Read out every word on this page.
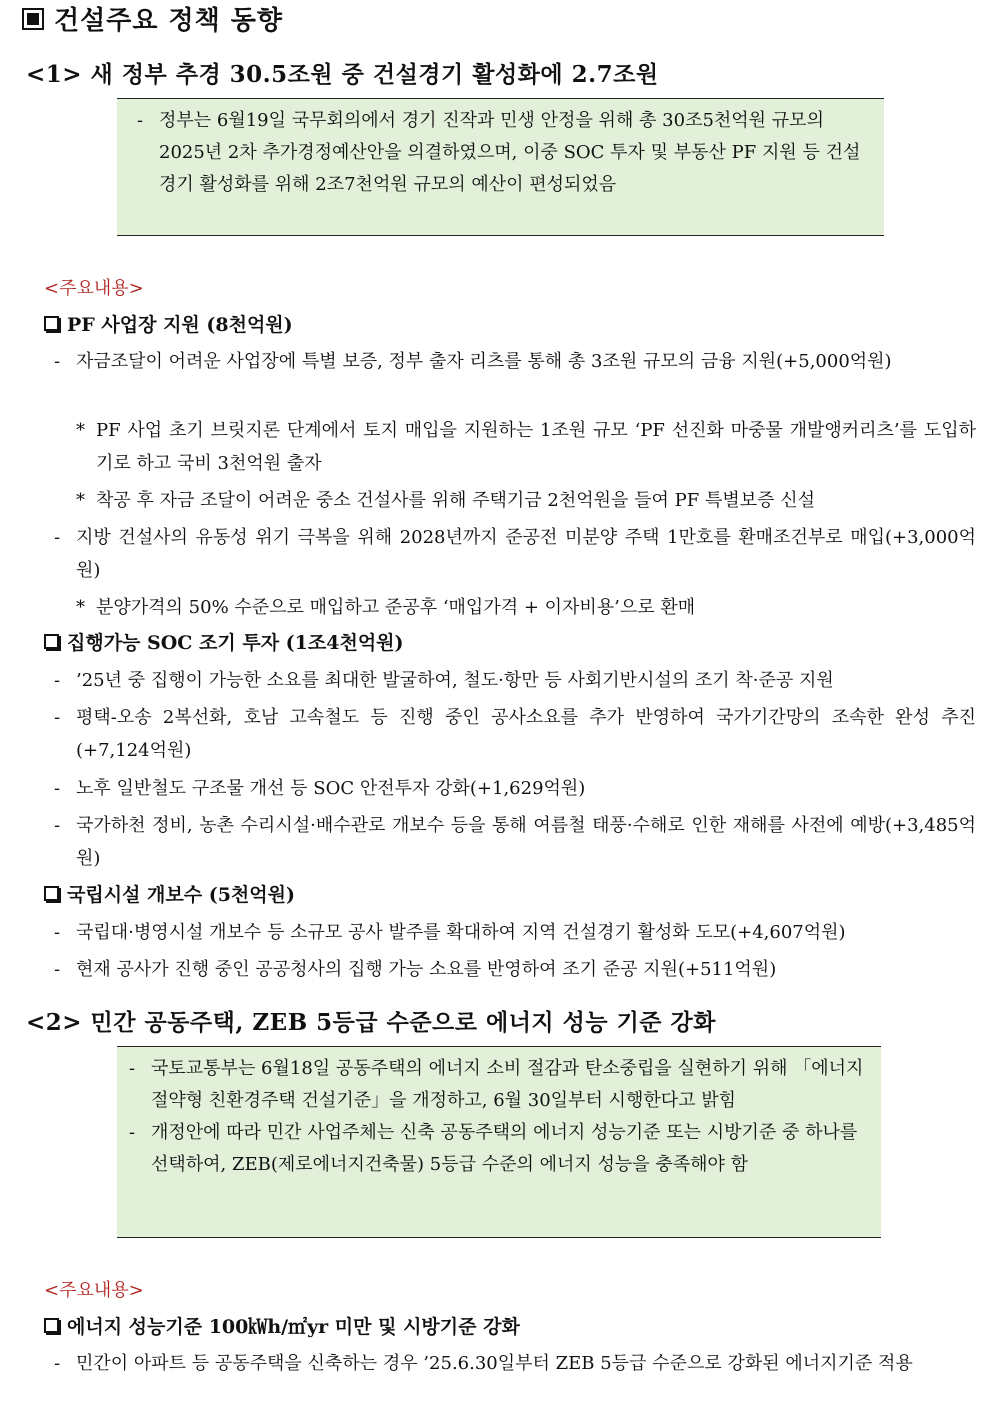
건설주요 정책 동향
<1> 새 정부 추경 30.5조원 중 건설경기 활성화에 2.7조원
- 정부는 6월19일 국무회의에서 경기 진작과 민생 안정을 위해 총 30조5천억원 규모의 2025년 2차 추가경정예산안을 의결하였으며, 이중 SOC 투자 및 부동산 PF 지원 등 건설경기 활성화를 위해 2조7천억원 규모의 예산이 편성되었음
<주요내용>
PF 사업장 지원 (8천억원)
- 자금조달이 어려운 사업장에 특별 보증, 정부 출자 리츠를 통해 총 3조원 규모의 금융 지원(+5,000억원)
* PF 사업 초기 브릿지론 단계에서 토지 매입을 지원하는 1조원 규모 ‘PF 선진화 마중물 개발앵커리츠’를 도입하기로 하고 국비 3천억원 출자
* 착공 후 자금 조달이 어려운 중소 건설사를 위해 주택기금 2천억원을 들여 PF 특별보증 신설
- 지방 건설사의 유동성 위기 극복을 위해 2028년까지 준공전 미분양 주택 1만호를 환매조건부로 매입(+3,000억원)
* 분양가격의 50% 수준으로 매입하고 준공후 ‘매입가격 + 이자비용’으로 환매
집행가능 SOC 조기 투자 (1조4천억원)
- ’25년 중 집행이 가능한 소요를 최대한 발굴하여, 철도·항만 등 사회기반시설의 조기 착·준공 지원
- 평택-오송 2복선화, 호남 고속철도 등 진행 중인 공사소요를 추가 반영하여 국가기간망의 조속한 완성 추진(+7,124억원)
- 노후 일반철도 구조물 개선 등 SOC 안전투자 강화(+1,629억원)
- 국가하천 정비, 농촌 수리시설·배수관로 개보수 등을 통해 여름철 태풍·수해로 인한 재해를 사전에 예방(+3,485억원)
국립시설 개보수 (5천억원)
- 국립대·병영시설 개보수 등 소규모 공사 발주를 확대하여 지역 건설경기 활성화 도모(+4,607억원)
- 현재 공사가 진행 중인 공공청사의 집행 가능 소요를 반영하여 조기 준공 지원(+511억원)
<2> 민간 공동주택, ZEB 5등급 수준으로 에너지 성능 기준 강화
- 국토교통부는 6월18일 공동주택의 에너지 소비 절감과 탄소중립을 실현하기 위해 「에너지절약형 친환경주택 건설기준」을 개정하고, 6월 30일부터 시행한다고 밝힘
- 개정안에 따라 민간 사업주체는 신축 공동주택의 에너지 성능기준 또는 시방기준 중 하나를 선택하여, ZEB(제로에너지건축물) 5등급 수준의 에너지 성능을 충족해야 함
<주요내용>
에너지 성능기준 100㎾h/㎡yr 미만 및 시방기준 강화
- 민간이 아파트 등 공동주택을 신축하는 경우 ’25.6.30일부터 ZEB 5등급 수준으로 강화된 에너지기준 적용
